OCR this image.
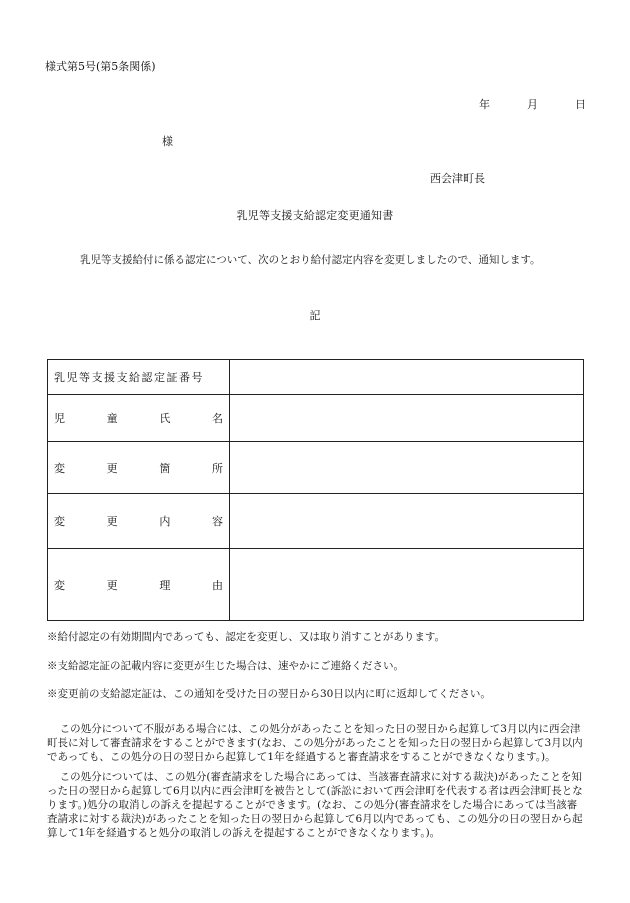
様式第5号(第5条関係)
年	月	日
様
西会津町長
乳児等支援支給認定変更通知書
乳児等支援給付に係る認定について、次のとおり給付認定内容を変更しましたので、通知します。
記
乳児等支援支給認定証番号	

児 童 氏 名	

変 更 箇 所	

変 更 内 容	

変 更 理 由	

※給付認定の有効期間内であっても、認定を変更し、又は取り消すことがあります。
※支給認定証の記載内容に変更が生じた場合は、速やかにご連絡ください。
※変更前の支給認定証は、この通知を受けた日の翌日から30日以内に町に返却してください。

この処分について不服がある場合には、この処分があったことを知った日の翌日から起算して3月以内に西会津町長に対して審査請求をすることができます(なお、この処分があったことを知った日の翌日から起算して3月以内であっても、この処分の日の翌日から起算して1年を経過すると審査請求をすることができなくなります。)。

この処分については、この処分(審査請求をした場合にあっては、当該審査請求に対する裁決)があったことを知った日の翌日から起算して6月以内に西会津町を被告として(訴訟において西会津町を代表する者は西会津町長となります。)処分の取消しの訴えを提起することができます。(なお、この処分(審査請求をした場合にあっては当該審査請求に対する裁決)があったことを知った日の翌日から起算して6月以内であっても、この処分の日の翌日から起算して1年を経過すると処分の取消しの訴えを提起することができなくなります。)。
